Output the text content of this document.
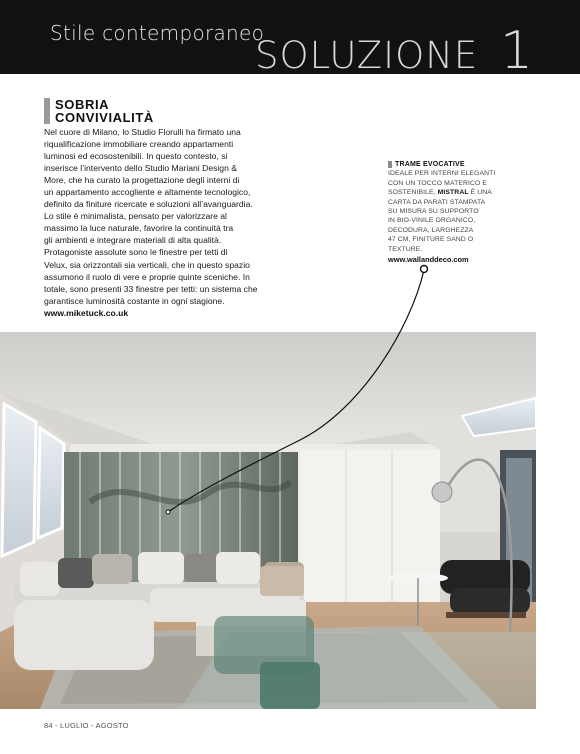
Stile contemporaneo
SOLUZIONE 1
SOBRIA
CONVIVIALITÀ
Nel cuore di Milano, lo Studio Florulli ha firmato una
riqualificazione immobiliare creando appartamenti
luminosi ed ecosostenibili. In questo contesto, si
inserisce l’intervento dello Studio Mariani Design &
More, che ha curato la progettazione degli interni di
un appartamento accogliente e altamente tecnologico,
definito da finiture ricercate e soluzioni all’avanguardia.
Lo stile è minimalista, pensato per valorizzare al
massimo la luce naturale, favorire la continuità tra
gli ambienti e integrare materiali di alta qualità.
Protagoniste assolute sono le finestre per tetti di
Velux, sia orizzontali sia verticali, che in questo spazio
assumono il ruolo di vere e proprie quinte sceniche. In
totale, sono presenti 33 finestre per tetti: un sistema che
garantisce luminosità costante in ogni stagione.
www.miketuck.co.uk
TRAME EVOCATIVE
IDEALE PER INTERNI ELEGANTI
CON UN TOCCO MATERICO E
SOSTENIBILE, MISTRAL È UNA
CARTA DA PARATI STAMPATA
SU MISURA SU SUPPORTO
IN BIO-VINILE ORGANICO,
DECODURA, LARGHEZZA
47 CM, FINITURE SAND O
TEXTURE.
www.wallanddeco.com
84 - LUGLIO - AGOSTO
